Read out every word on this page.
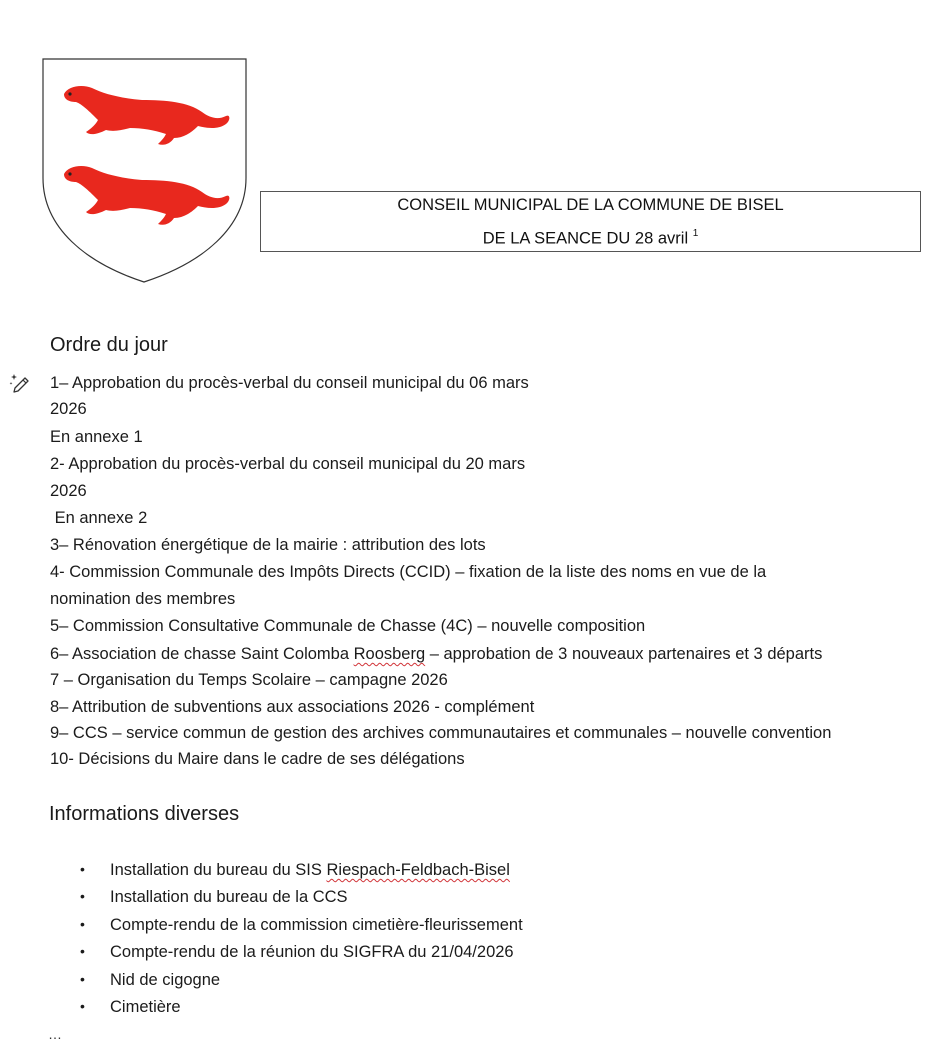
CONSEIL MUNICIPAL DE LA COMMUNE DE BISEL
DE LA SEANCE DU 28 avril $^1$
Ordre du jour
1– Approbation du procès-verbal du conseil municipal du 06 mars
2026
En annexe 1
2- Approbation du procès-verbal du conseil municipal du 20 mars
2026
En annexe 2
3– Rénovation énergétique de la mairie : attribution des lots
4- Commission Communale des Impôts Directs (CCID) – fixation de la liste des noms en vue de la
nomination des membres
5– Commission Consultative Communale de Chasse (4C) – nouvelle composition
6– Association de chasse Saint Colomba Roosberg – approbation de 3 nouveaux partenaires et 3 départs
7 – Organisation du Temps Scolaire – campagne 2026
8– Attribution de subventions aux associations 2026 - complément
9– CCS – service commun de gestion des archives communautaires et communales – nouvelle convention
10- Décisions du Maire dans le cadre de ses délégations
Informations diverses
•	Installation du bureau du SIS Riespach-Feldbach-Bisel
•	Installation du bureau de la CCS
•	Compte-rendu de la commission cimetière-fleurissement
•	Compte-rendu de la réunion du SIGFRA du 21/04/2026
•	Nid de cigogne
•	Cimetière
…
